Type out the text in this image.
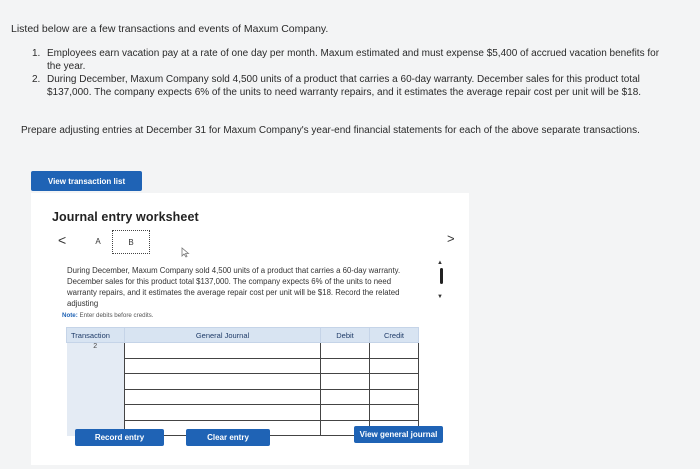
Listed below are a few transactions and events of Maxum Company.
1. Employees earn vacation pay at a rate of one day per month. Maxum estimated and must expense $5,400 of accrued vacation benefits for the year.
2. During December, Maxum Company sold 4,500 units of a product that carries a 60-day warranty. December sales for this product total $137,000. The company expects 6% of the units to need warranty repairs, and it estimates the average repair cost per unit will be $18.
Prepare adjusting entries at December 31 for Maxum Company's year-end financial statements for each of the above separate transactions.
View transaction list
Journal entry worksheet
<	A	B	>
During December, Maxum Company sold 4,500 units of a product that carries a 60-day warranty. December sales for this product total $137,000. The company expects 6% of the units to need warranty repairs, and it estimates the average repair cost per unit will be $18. Record the related adjusting
▲
▼
Note: Enter debits before credits.
Transaction	General Journal	Debit	Credit
2			

Record entry	Clear entry	View general journal
